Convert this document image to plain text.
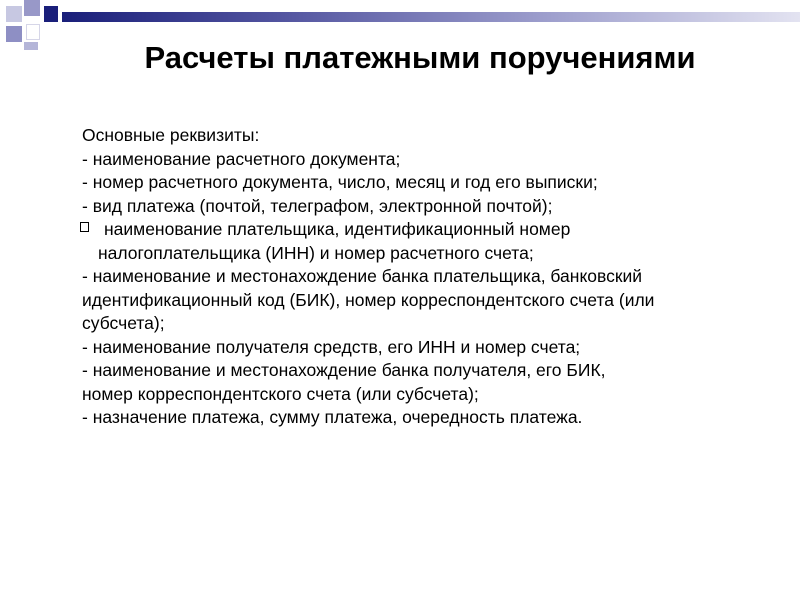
Расчеты платежными поручениями
Основные реквизиты:
- наименование расчетного документа;
- номер расчетного документа, число, месяц и год его выписки;
- вид платежа (почтой, телеграфом, электронной почтой);
наименование плательщика, идентификационный номер
налогоплательщика (ИНН) и номер расчетного счета;
- наименование и местонахождение банка плательщика, банковский
идентификационный код (БИК), номер корреспондентского счета (или
субсчета);
- наименование получателя средств, его ИНН и номер счета;
- наименование и местонахождение банка получателя, его БИК,
номер корреспондентского счета (или субсчета);
- назначение платежа, сумму платежа, очередность платежа.
